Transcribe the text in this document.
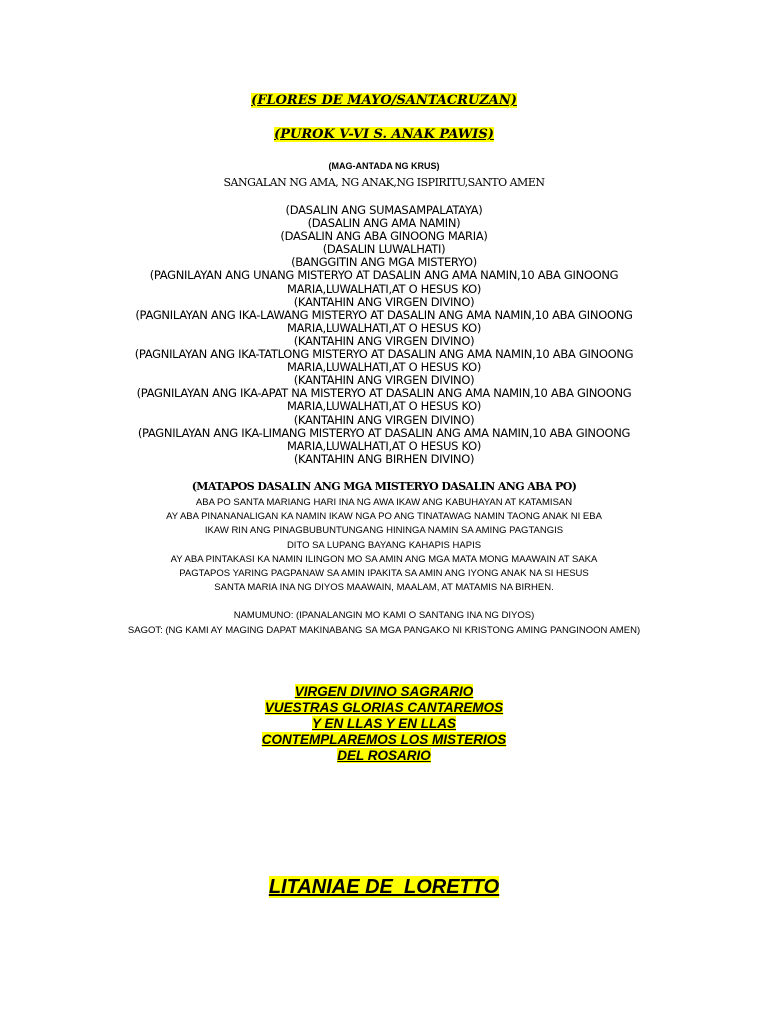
(FLORES DE MAYO/SANTACRUZAN)
(PUROK V-VI S. ANAK PAWIS)
(MAG-ANTADA NG KRUS)
SANGALAN NG AMA, NG ANAK,NG ISPIRITU,SANTO AMEN
(DASALIN ANG SUMASAMPALATAYA)
(DASALIN ANG AMA NAMIN)
(DASALIN ANG ABA GINOONG MARIA)
(DASALIN LUWALHATI)
(BANGGITIN ANG MGA MISTERYO)
(PAGNILAYAN ANG UNANG MISTERYO AT DASALIN ANG AMA NAMIN,10 ABA GINOONG
MARIA,LUWALHATI,AT O HESUS KO)
(KANTAHIN ANG VIRGEN DIVINO)
(PAGNILAYAN ANG IKA-LAWANG MISTERYO AT DASALIN ANG AMA NAMIN,10 ABA GINOONG
MARIA,LUWALHATI,AT O HESUS KO)
(KANTAHIN ANG VIRGEN DIVINO)
(PAGNILAYAN ANG IKA-TATLONG MISTERYO AT DASALIN ANG AMA NAMIN,10 ABA GINOONG
MARIA,LUWALHATI,AT O HESUS KO)
(KANTAHIN ANG VIRGEN DIVINO)
(PAGNILAYAN ANG IKA-APAT NA MISTERYO AT DASALIN ANG AMA NAMIN,10 ABA GINOONG
MARIA,LUWALHATI,AT O HESUS KO)
(KANTAHIN ANG VIRGEN DIVINO)
(PAGNILAYAN ANG IKA-LIMANG MISTERYO AT DASALIN ANG AMA NAMIN,10 ABA GINOONG
MARIA,LUWALHATI,AT O HESUS KO)
(KANTAHIN ANG BIRHEN DIVINO)
(MATAPOS DASALIN ANG MGA MISTERYO DASALIN ANG ABA PO)
ABA PO SANTA MARIANG HARI INA NG AWA IKAW ANG KABUHAYAN AT KATAMISAN
AY ABA PINANANALIGAN KA NAMIN IKAW NGA PO ANG TINATAWAG NAMIN TAONG ANAK NI EBA
IKAW RIN ANG PINAGBUBUNTUNGANG HININGA NAMIN SA AMING PAGTANGIS
DITO SA LUPANG BAYANG KAHAPIS HAPIS
AY ABA PINTAKASI KA NAMIN ILINGON MO SA AMIN ANG MGA MATA MONG MAAWAIN AT SAKA
PAGTAPOS YARING PAGPANAW SA AMIN IPAKITA SA AMIN ANG IYONG ANAK NA SI HESUS
SANTA MARIA INA NG DIYOS MAAWAIN, MAALAM, AT MATAMIS NA BIRHEN.
NAMUMUNO: (IPANALANGIN MO KAMI O SANTANG INA NG DIYOS)
SAGOT: (NG KAMI AY MAGING DAPAT MAKINABANG SA MGA PANGAKO NI KRISTONG AMING PANGINOON AMEN)
VIRGEN DIVINO SAGRARIO
VUESTRAS GLORIAS CANTAREMOS
Y EN LLAS Y EN LLAS
CONTEMPLAREMOS LOS MISTERIOS
DEL ROSARIO
LITANIAE DE  LORETTO
